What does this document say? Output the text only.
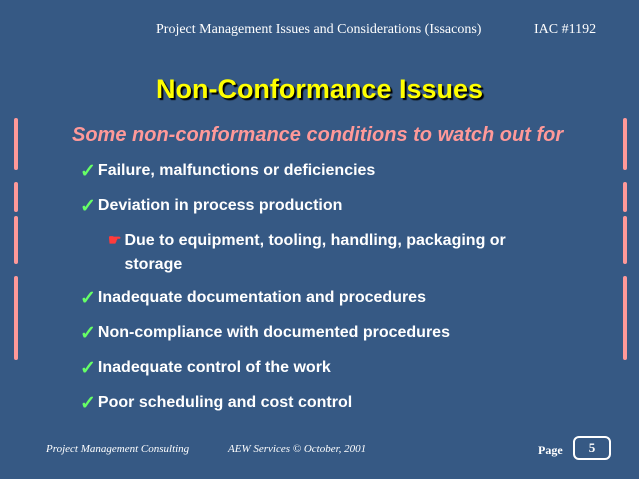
Project Management Issues and Considerations (Issacons)	IAC #1192
Non-Conformance Issues
Some non-conformance conditions to watch out for
✓ Failure, malfunctions or deficiencies
✓ Deviation in process production
☛ Due to equipment, tooling, handling, packaging or storage
✓ Inadequate documentation and procedures
✓ Non-compliance with documented procedures
✓ Inadequate control of the work
✓ Poor scheduling and cost control
Project Management Consulting	AEW Services © October, 2001	Page	5
